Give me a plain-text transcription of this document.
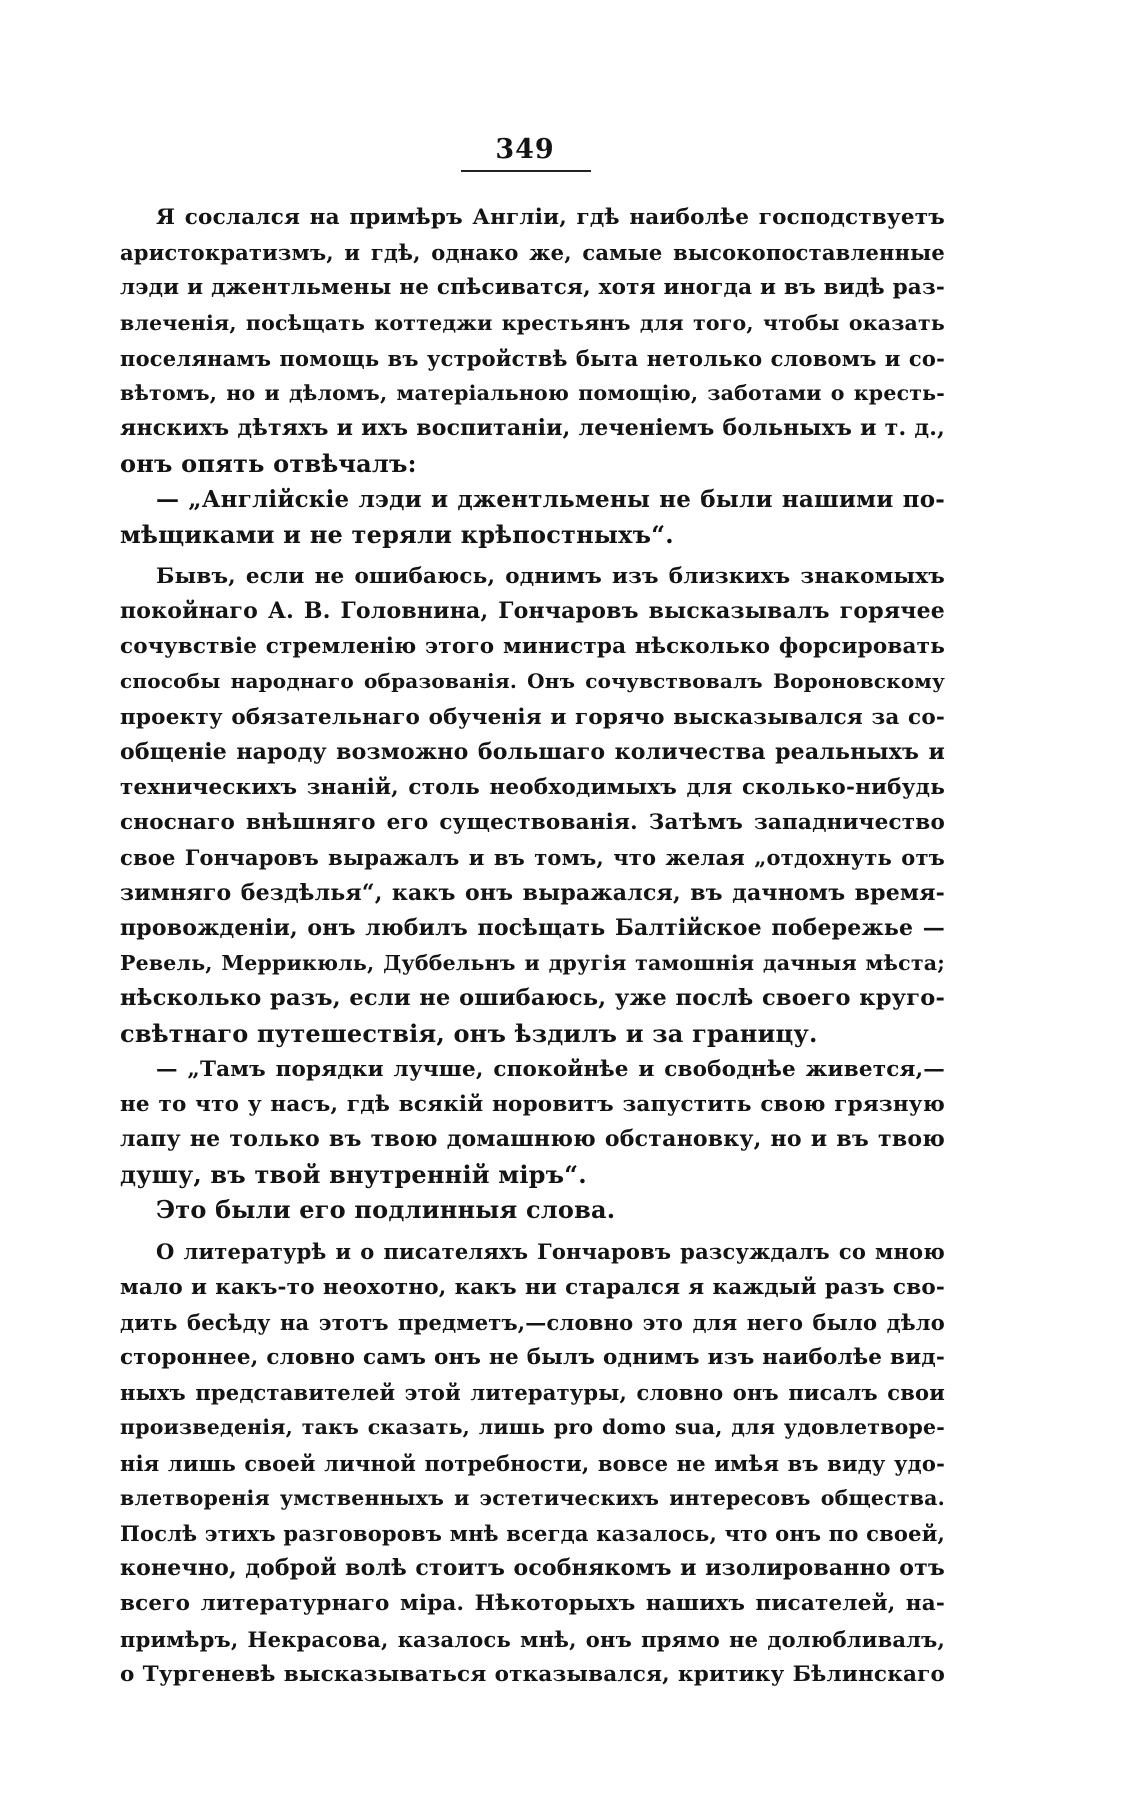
349
Я сослался на примѣръ Англіи, гдѣ наиболѣе господствуетъ
аристократизмъ, и гдѣ, однако же, самые высокопоставленные
лэди и джентльмены не спѣсиватся, хотя иногда и въ видѣ раз-
влеченія, посѣщать коттеджи крестьянъ для того, чтобы оказать
поселянамъ помощь въ устройствѣ быта нетолько словомъ и со-
вѣтомъ, но и дѣломъ, матеріальною помощію, заботами о кресть-
янскихъ дѣтяхъ и ихъ воспитаніи, леченіемъ больныхъ и т. д.,
онъ опять отвѣчалъ:
— „Англійскіе лэди и джентльмены не были нашими по-
мѣщиками и не теряли крѣпостныхъ“.
Бывъ, если не ошибаюсь, однимъ изъ близкихъ знакомыхъ
покойнаго А. В. Головнина, Гончаровъ высказывалъ горячее
сочувствіе стремленію этого министра нѣсколько форсировать
способы народнаго образованія. Онъ сочувствовалъ Вороновскому
проекту обязательнаго обученія и горячо высказывался за со-
общеніе народу возможно большаго количества реальныхъ и
техническихъ знаній, столь необходимыхъ для сколько-нибудь
сноснаго внѣшняго его существованія. Затѣмъ западничество
свое Гончаровъ выражалъ и въ томъ, что желая „отдохнуть отъ
зимняго бездѣлья“, какъ онъ выражался, въ дачномъ время-
провожденіи, онъ любилъ посѣщать Балтійское побережье —
Ревель, Меррикюль, Дуббельнъ и другія тамошнія дачныя мѣста;
нѣсколько разъ, если не ошибаюсь, уже послѣ своего круго-
свѣтнаго путешествія, онъ ѣздилъ и за границу.
— „Тамъ порядки лучше, спокойнѣе и свободнѣе живется,—
не то что у насъ, гдѣ всякій норовитъ запустить свою грязную
лапу не только въ твою домашнюю обстановку, но и въ твою
душу, въ твой внутренній міръ“.
Это были его подлинныя слова.
О литературѣ и о писателяхъ Гончаровъ разсуждалъ со мною
мало и какъ-то неохотно, какъ ни старался я каждый разъ сво-
дить бесѣду на этотъ предметъ,—словно это для него было дѣло
стороннее, словно самъ онъ не былъ однимъ изъ наиболѣе вид-
ныхъ представителей этой литературы, словно онъ писалъ свои
произведенія, такъ сказать, лишь pro domo sua, для удовлетворе-
нія лишь своей личной потребности, вовсе не имѣя въ виду удо-
влетворенія умственныхъ и эстетическихъ интересовъ общества.
Послѣ этихъ разговоровъ мнѣ всегда казалось, что онъ по своей,
конечно, доброй волѣ стоитъ особнякомъ и изолированно отъ
всего литературнаго міра. Нѣкоторыхъ нашихъ писателей, на-
примѣръ, Некрасова, казалось мнѣ, онъ прямо не долюбливалъ,
о Тургеневѣ высказываться отказывался, критику Бѣлинскаго
